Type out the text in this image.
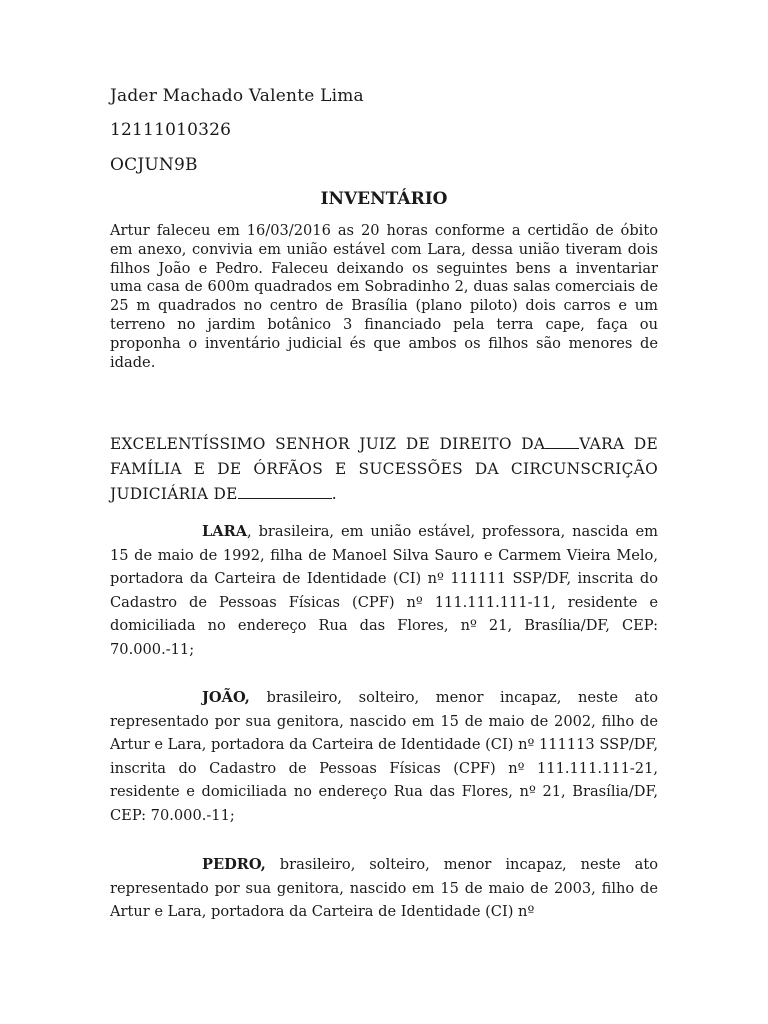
Jader Machado Valente Lima
12111010326
OCJUN9B
INVENTÁRIO

Artur faleceu em 16/03/2016 as 20 horas conforme a certidão de óbito em anexo, convivia em união estável com Lara, dessa união tiveram dois filhos João e Pedro. Faleceu deixando os seguintes bens a inventariar uma casa de 600m quadrados em Sobradinho 2, duas salas comerciais de 25 m quadrados no centro de Brasília (plano piloto) dois carros e um terreno no jardim botânico 3 financiado pela terra cape, faça ou proponha o inventário judicial és que ambos os filhos são menores de idade.

EXCELENTÍSSIMO SENHOR JUIZ DE DIREITO DA VARA DE FAMÍLIA E DE ÓRFÃOS E SUCESSÕES DA CIRCUNSCRIÇÃO JUDICIÁRIA DE	.

LARA, brasileira, em união estável, professora, nascida em 15 de maio de 1992, filha de Manoel Silva Sauro e Carmem Vieira Melo, portadora da Carteira de Identidade (CI) nº 111111 SSP/DF, inscrita do Cadastro de Pessoas Físicas (CPF) nº 111.111.111-11, residente e domiciliada no endereço Rua das Flores, nº 21, Brasília/DF, CEP: 70.000.-11;

JOÃO, brasileiro, solteiro, menor incapaz, neste ato representado por sua genitora, nascido em 15 de maio de 2002, filho de Artur e Lara, portadora da Carteira de Identidade (CI) nº 111113 SSP/DF, inscrita do Cadastro de Pessoas Físicas (CPF) nº 111.111.111-21, residente e domiciliada no endereço Rua das Flores, nº 21, Brasília/DF, CEP: 70.000.-11;

PEDRO, brasileiro, solteiro, menor incapaz, neste ato representado por sua genitora, nascido em 15 de maio de 2003, filho de Artur e Lara, portadora da Carteira de Identidade (CI) nº
